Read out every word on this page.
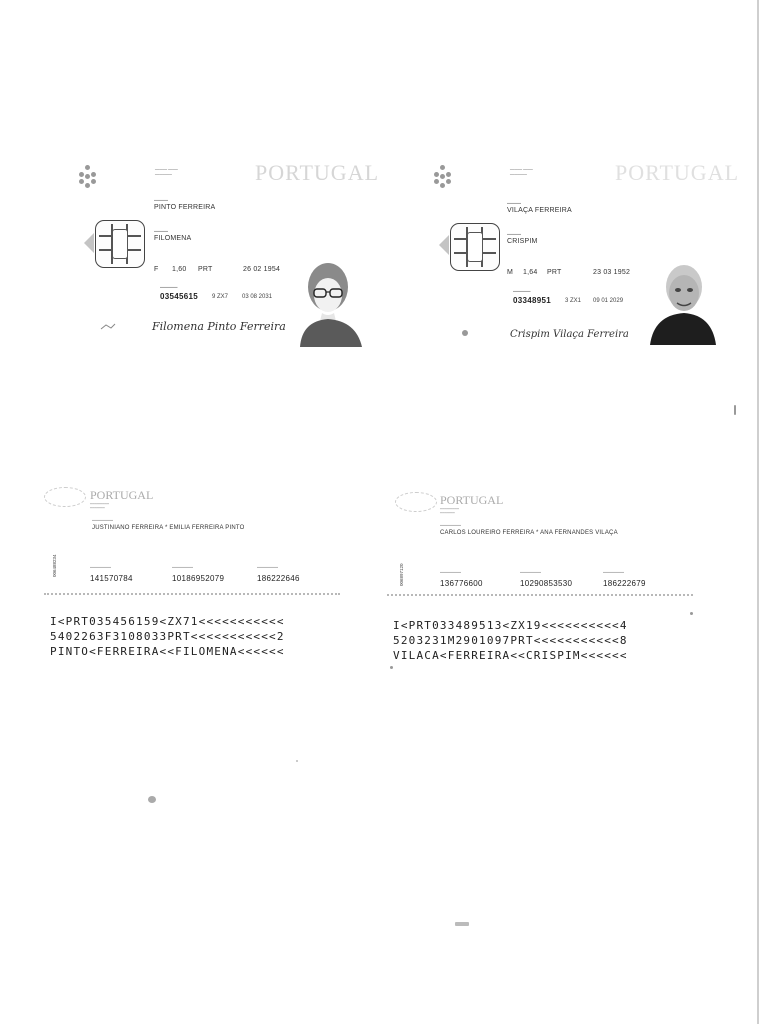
━━━━━ ━━━━
━━━━━━━	PORTUGAL
▬▬▬▬
PINTO FERREIRA
▬▬▬▬
FILOMENA
F 1,60 PRT	26 02 1954
▬▬▬▬▬
03545615 9 ZX7 03 08 2031
Filomena Pinto Ferreira
━━━━━ ━━━━
━━━━━━━	PORTUGAL
▬▬▬▬
VILAÇA FERREIRA
▬▬▬▬
CRISPIM
M 1,64 PRT	23 03 1952
▬▬▬▬▬
03348951 3 ZX1 09 01 2029
Crispim Vilaça Ferreira
PORTUGAL
━━━━━━━━━
━━━━━━━
▬▬▬▬▬▬
JUSTINIANO FERREIRA * EMILIA FERREIRA PINTO
006488234	▬▬▬▬▬▬
141570784
▬▬▬▬▬▬
10186952079
▬▬▬▬▬▬
186222646
I<PRT035456159<ZX71<<<<<<<<<<<
5402263F3108033PRT<<<<<<<<<<<2
PINTO<FERREIRA<<FILOMENA<<<<<<
PORTUGAL
━━━━━━━━━
━━━━━━━
▬▬▬▬▬▬
CARLOS LOUREIRO FERREIRA * ANA FERNANDES VILAÇA
006897120	▬▬▬▬▬▬
136776600
▬▬▬▬▬▬
10290853530
▬▬▬▬▬▬
186222679
I<PRT033489513<ZX19<<<<<<<<<<4
5203231M2901097PRT<<<<<<<<<<<8
VILACA<FERREIRA<<CRISPIM<<<<<<
